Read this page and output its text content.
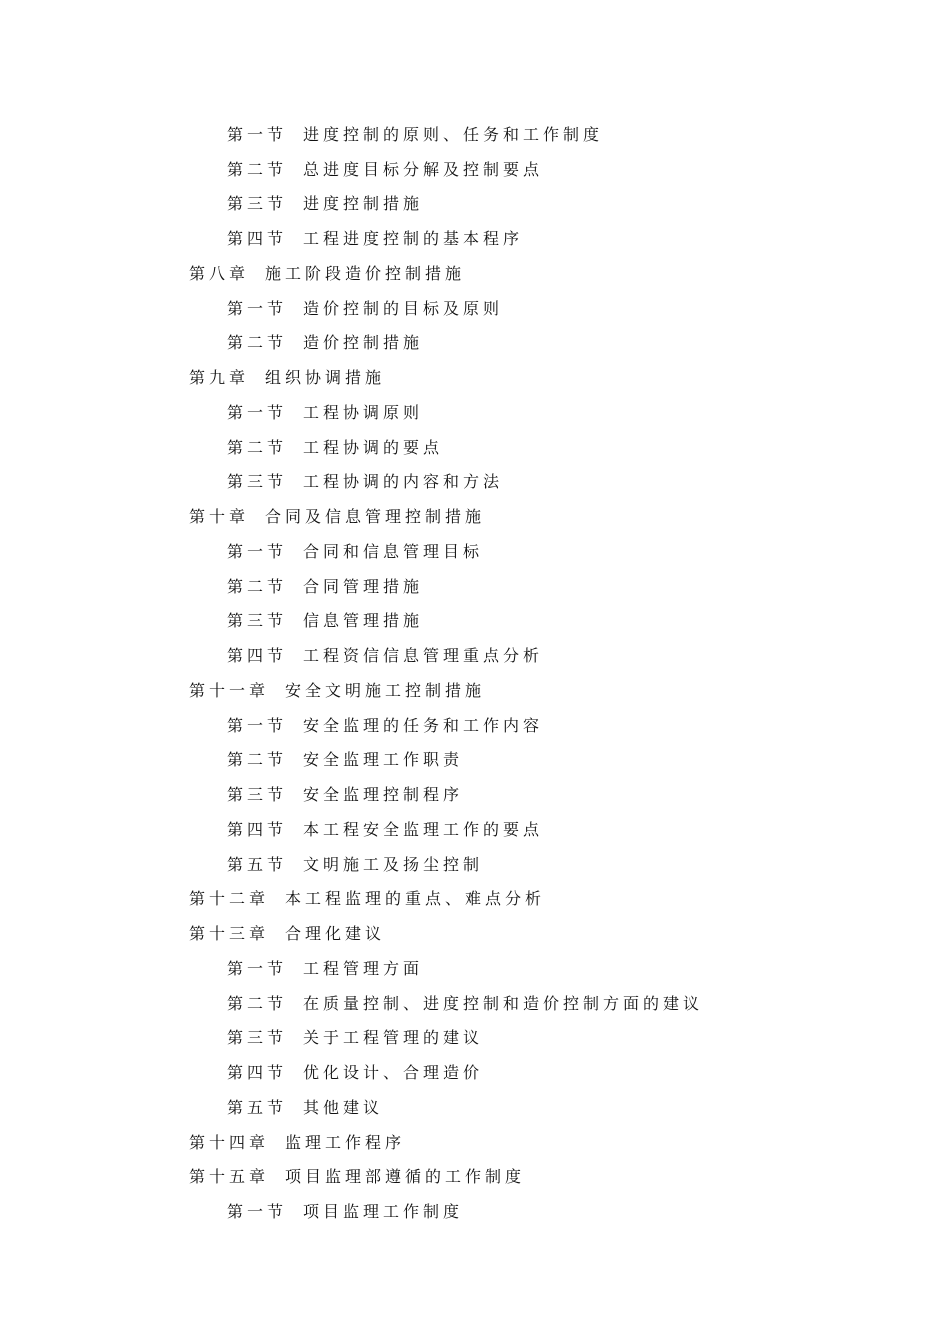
第一节 进度控制的原则、任务和工作制度
第二节 总进度目标分解及控制要点
第三节 进度控制措施
第四节 工程进度控制的基本程序
第八章 施工阶段造价控制措施
第一节 造价控制的目标及原则
第二节 造价控制措施
第九章 组织协调措施
第一节 工程协调原则
第二节 工程协调的要点
第三节 工程协调的内容和方法
第十章 合同及信息管理控制措施
第一节 合同和信息管理目标
第二节 合同管理措施
第三节 信息管理措施
第四节 工程资信信息管理重点分析
第十一章 安全文明施工控制措施
第一节 安全监理的任务和工作内容
第二节 安全监理工作职责
第三节 安全监理控制程序
第四节 本工程安全监理工作的要点
第五节 文明施工及扬尘控制
第十二章 本工程监理的重点、难点分析
第十三章 合理化建议
第一节 工程管理方面
第二节 在质量控制、进度控制和造价控制方面的建议
第三节 关于工程管理的建议
第四节 优化设计、合理造价
第五节 其他建议
第十四章 监理工作程序
第十五章 项目监理部遵循的工作制度
第一节 项目监理工作制度
